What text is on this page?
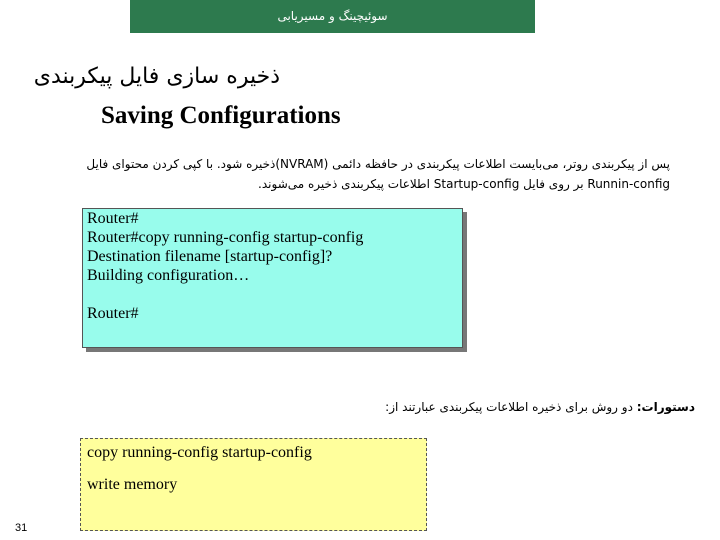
سوئیچینگ و مسیریابی
ذخیره سازی فایل پیکربندی
Saving Configurations
پس از پیکربندی روتر، می‌بایست اطلاعات پیکربندی در حافظه دائمی (NVRAM)ذخیره شود. با کپی کردن محتوای فایل
Runnin-config بر روی فایل Startup-config اطلاعات پیکربندی ذخیره می‌شوند.
Router#
Router#copy running-config startup-config
Destination filename [startup-config]?
Building configuration…
Router#
دستورات: دو روش برای ذخیره اطلاعات پیکربندی عبارتند از:
copy running-config startup-config
write memory
31
